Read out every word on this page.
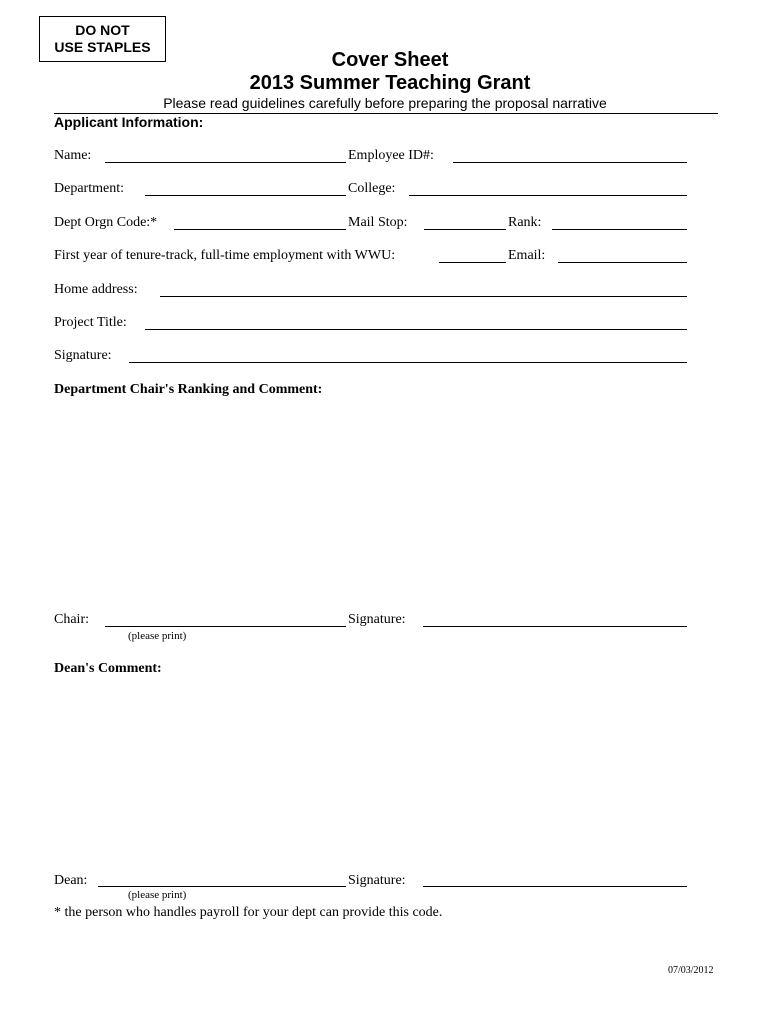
DO NOT
USE STAPLES
Cover Sheet
2013 Summer Teaching Grant
Please read guidelines carefully before preparing the proposal narrative
Applicant Information:
Name:	Employee ID#:
Department:	College:
Dept Orgn Code:*	Mail Stop:	Rank:
First year of tenure-track, full-time employment with WWU:	Email:
Home address:
Project Title:
Signature:
Department Chair's Ranking and Comment:
Chair:	Signature:
(please print)
Dean's Comment:
Dean:	Signature:
(please print)
* the person who handles payroll for your dept can provide this code.
07/03/2012
